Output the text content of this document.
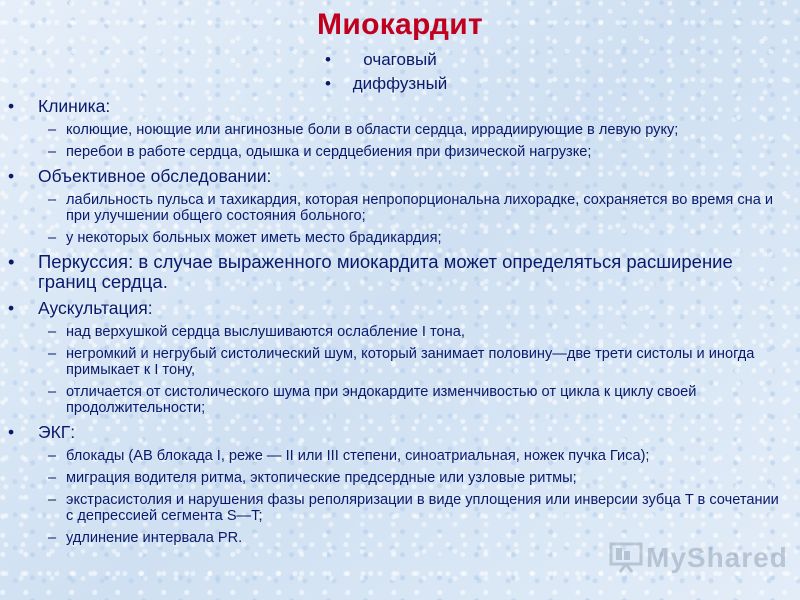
Миокардит
• очаговый
• диффузный
• Клиника:
– колющие, ноющие или ангинозные боли в области сердца, иррадиирующие в левую руку;
– перебои в работе сердца, одышка и сердцебиения при физической нагрузке;
• Объективное обследовании:
– лабильность пульса и тахикардия, которая непропорциональна лихорадке, сохраняется во время сна и при улучшении общего состояния больного;
– у некоторых больных может иметь место брадикардия;
• Перкуссия: в случае выраженного миокардита может определяться расширение границ сердца.
• Аускультация:
– над верхушкой сердца выслушиваются ослабление I тона,
– негромкий и негрубый систолический шум, который занимает половину—две трети систолы и иногда примыкает к I тону,
– отличается от систолического шума при эндокардите изменчивостью от цикла к циклу своей продолжительности;
• ЭКГ:
– блокады (АВ блокада I, реже — II или III степени, синоатриальная, ножек пучка Гиса);
– миграция водителя ритма, эктопические предсердные или узловые ритмы;
– экстрасистолия и нарушения фазы реполяризации в виде уплощения или инверсии зубца T в сочетании с депрессией сегмента S—T;
– удлинение интервала PR.
MyShared
